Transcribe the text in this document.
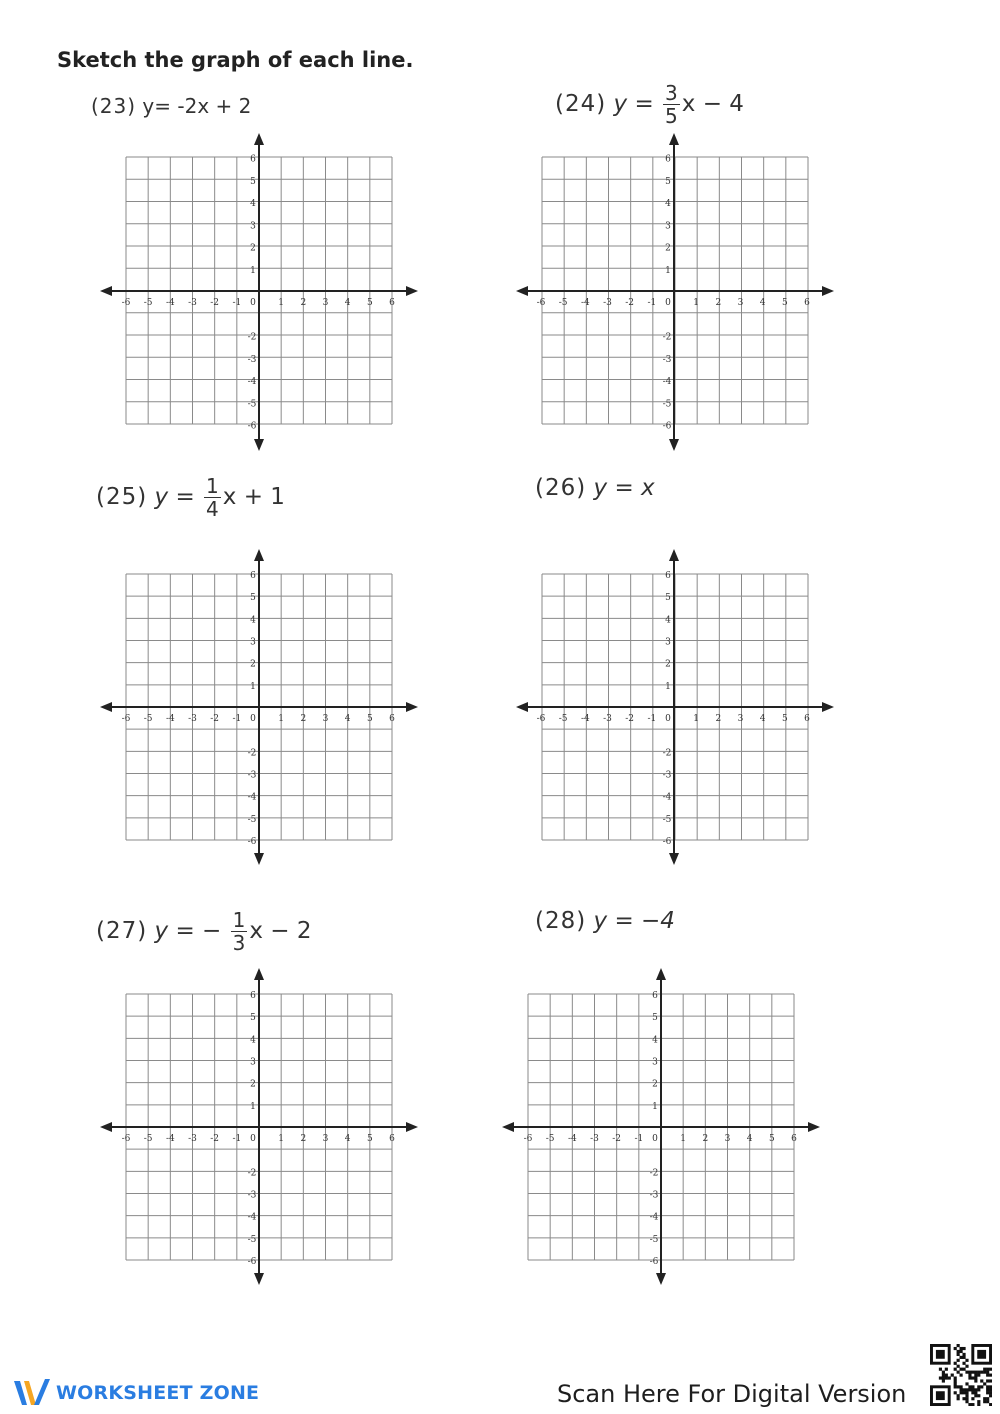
Sketch the graph of each line.
(23) y= -2x + 2	(24) $y = \frac{3}{5}$ x − 4
(25) $y = \frac{1}{4}$ x + 1	(26) y = x
(27) y = − $\frac{1}{3}$ x − 2	(28) y = −4
-6 -5 -4 -3 -2 -1 0 1 2 3 4 5 6
6
5
4
3
2
1
-2
-3
-4
-5
-6
-6 -5 -4 -3 -2 -1 0 1 2 3 4 5 6
6
5
4
3
2
1
-2
-3
-4
-5
-6
-6 -5 -4 -3 -2 -1 0 1 2 3 4 5 6
6
5
4
3
2
1
-2
-3
-4
-5
-6
-6 -5 -4 -3 -2 -1 0 1 2 3 4 5 6
6
5
4
3
2
1
-2
-3
-4
-5
-6
-6 -5 -4 -3 -2 -1 0 1 2 3 4 5 6
6
5
4
3
2
1
-2
-3
-4
-5
-6
-6 -5 -4 -3 -2 -1 0 1 2 3 4 5 6
6
5
4
3
2
1
-2
-3
-4
-5
-6
WORKSHEET ZONE	Scan Here For Digital Version
